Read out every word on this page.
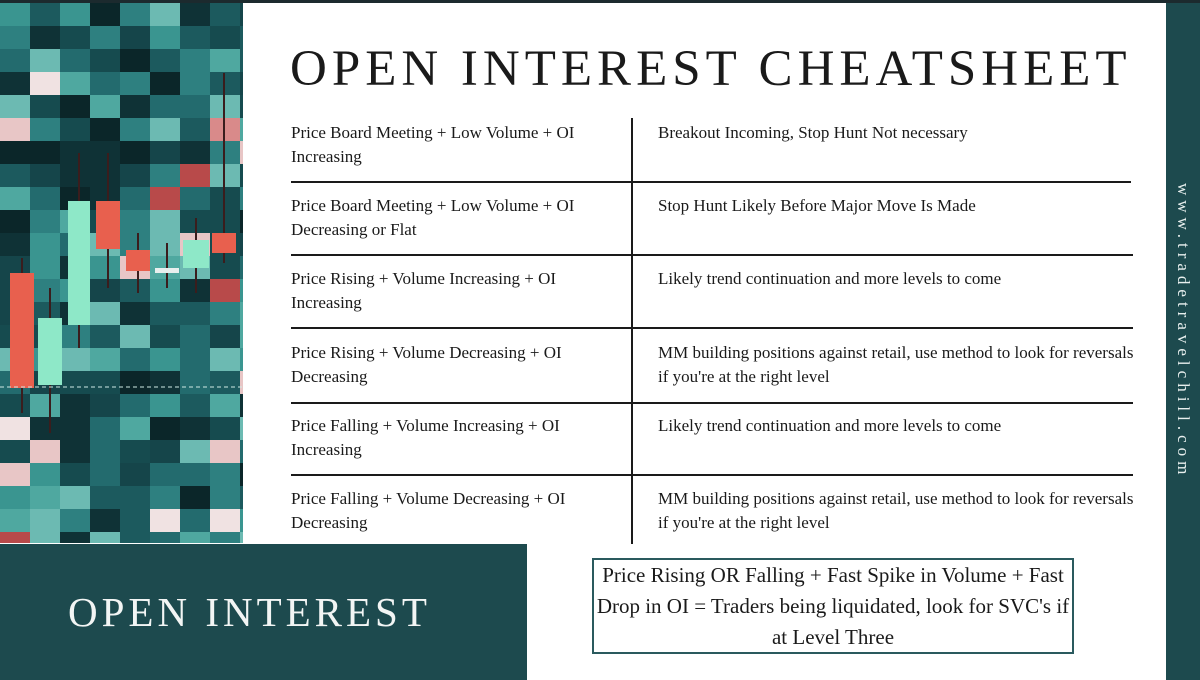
www.tradetravelchill.com
OPEN INTEREST CHEATSHEET
Price Board Meeting + Low Volume + OI Increasing
Breakout Incoming, Stop Hunt Not necessary
Price Board Meeting + Low Volume + OI Decreasing or Flat
Stop Hunt Likely Before Major Move Is Made
Price Rising + Volume Increasing + OI Increasing
Likely trend continuation and more levels to come
Price Rising + Volume Decreasing + OI Decreasing
MM building positions against retail, use method to look for reversals if you're at the right level
Price Falling + Volume Increasing + OI Increasing
Likely trend continuation and more levels to come
Price Falling + Volume Decreasing + OI Decreasing
MM building positions against retail, use method to look for reversals if you're at the right level
OPEN INTEREST
Price Rising OR Falling + Fast Spike in Volume + Fast Drop in OI = Traders being liquidated, look for SVC's if at Level Three
